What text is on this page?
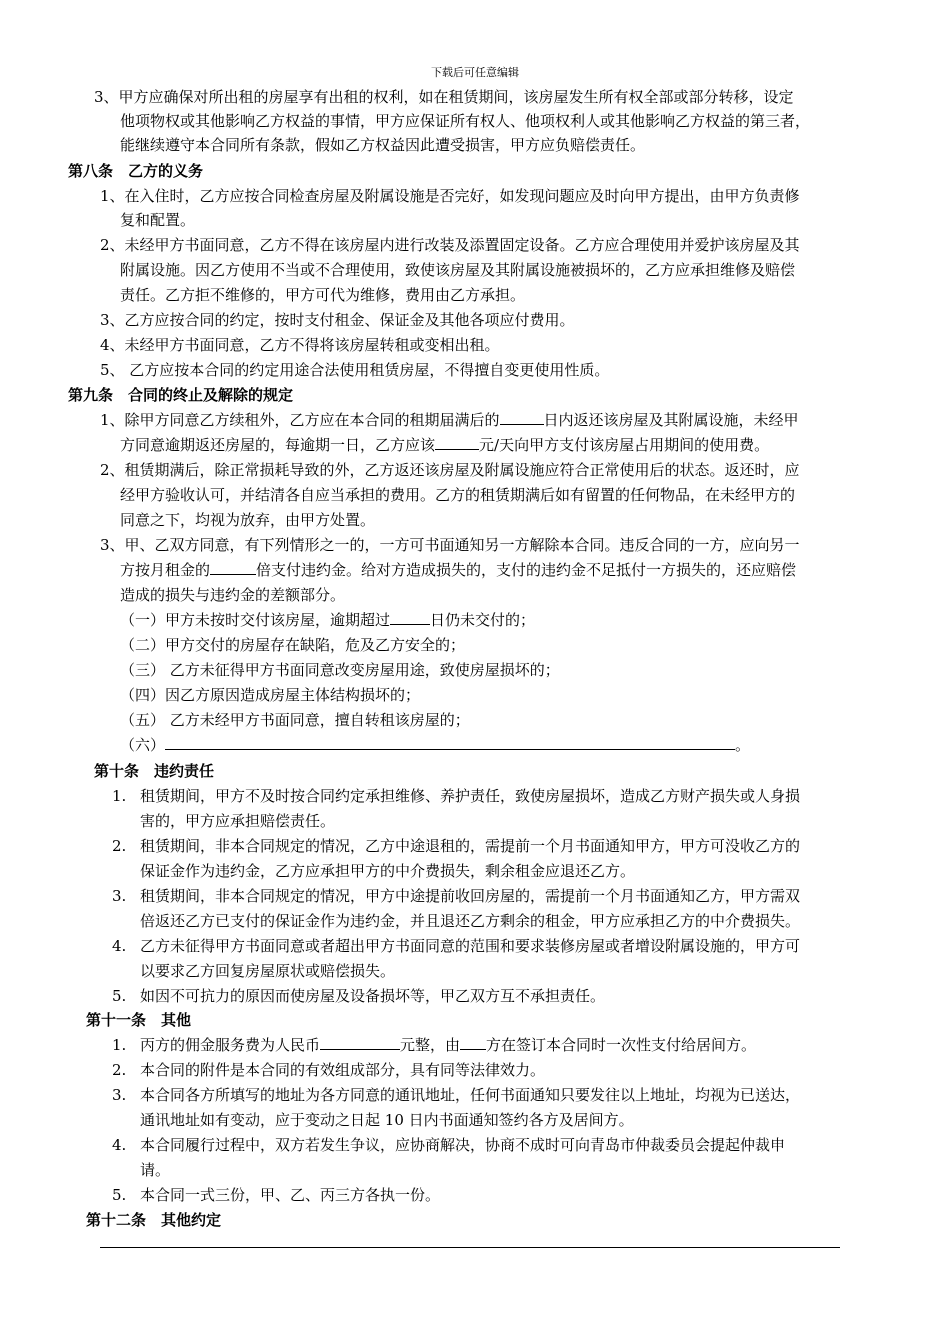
下载后可任意编辑
3、甲方应确保对所出租的房屋享有出租的权利，如在租赁期间，该房屋发生所有权全部或部分转移，设定
他项物权或其他影响乙方权益的事情，甲方应保证所有权人、他项权利人或其他影响乙方权益的第三者，
能继续遵守本合同所有条款，假如乙方权益因此遭受损害，甲方应负赔偿责任。
第八条　乙方的义务
1、在入住时，乙方应按合同检查房屋及附属设施是否完好，如发现问题应及时向甲方提出，由甲方负责修
复和配置。
2、未经甲方书面同意，乙方不得在该房屋内进行改装及添置固定设备。乙方应合理使用并爱护该房屋及其
附属设施。因乙方使用不当或不合理使用，致使该房屋及其附属设施被损坏的，乙方应承担维修及赔偿
责任。乙方拒不维修的，甲方可代为维修，费用由乙方承担。
3、乙方应按合同的约定，按时支付租金、保证金及其他各项应付费用。
4、未经甲方书面同意，乙方不得将该房屋转租或变相出租。
5、 乙方应按本合同的约定用途合法使用租赁房屋，不得擅自变更使用性质。
第九条　合同的终止及解除的规定
1、除甲方同意乙方续租外，乙方应在本合同的租期届满后的	日内返还该房屋及其附属设施，未经甲
方同意逾期返还房屋的，每逾期一日，乙方应该	元/天向甲方支付该房屋占用期间的使用费。
2、租赁期满后，除正常损耗导致的外，乙方返还该房屋及附属设施应符合正常使用后的状态。返还时，应
经甲方验收认可，并结清各自应当承担的费用。乙方的租赁期满后如有留置的任何物品，在未经甲方的
同意之下，均视为放弃，由甲方处置。
3、甲、乙双方同意，有下列情形之一的，一方可书面通知另一方解除本合同。违反合同的一方，应向另一
方按月租金的	倍支付违约金。给对方造成损失的，支付的违约金不足抵付一方损失的，还应赔偿
造成的损失与违约金的差额部分。
（一）甲方未按时交付该房屋，逾期超过	日仍未交付的；
（二）甲方交付的房屋存在缺陷，危及乙方安全的；
（三） 乙方未征得甲方书面同意改变房屋用途，致使房屋损坏的；
（四）因乙方原因造成房屋主体结构损坏的；
（五） 乙方未经甲方书面同意，擅自转租该房屋的；
（六）	。
第十条　违约责任
1. 租赁期间，甲方不及时按合同约定承担维修、养护责任，致使房屋损坏，造成乙方财产损失或人身损
害的，甲方应承担赔偿责任。
2. 租赁期间，非本合同规定的情况，乙方中途退租的，需提前一个月书面通知甲方，甲方可没收乙方的
保证金作为违约金，乙方应承担甲方的中介费损失，剩余租金应退还乙方。
3. 租赁期间，非本合同规定的情况，甲方中途提前收回房屋的，需提前一个月书面通知乙方，甲方需双
倍返还乙方已支付的保证金作为违约金，并且退还乙方剩余的租金，甲方应承担乙方的中介费损失。
4. 乙方未征得甲方书面同意或者超出甲方书面同意的范围和要求装修房屋或者增设附属设施的，甲方可
以要求乙方回复房屋原状或赔偿损失。
5. 如因不可抗力的原因而使房屋及设备损坏等，甲乙双方互不承担责任。
第十一条　其他
1. 丙方的佣金服务费为人民币	元整，由 方在签订本合同时一次性支付给居间方。
2. 本合同的附件是本合同的有效组成部分，具有同等法律效力。
3. 本合同各方所填写的地址为各方同意的通讯地址，任何书面通知只要发往以上地址，均视为已送达，
通讯地址如有变动，应于变动之日起 10 日内书面通知签约各方及居间方。
4. 本合同履行过程中，双方若发生争议，应协商解决，协商不成时可向青岛市仲裁委员会提起仲裁申
请。
5. 本合同一式三份，甲、乙、丙三方各执一份。
第十二条　其他约定
